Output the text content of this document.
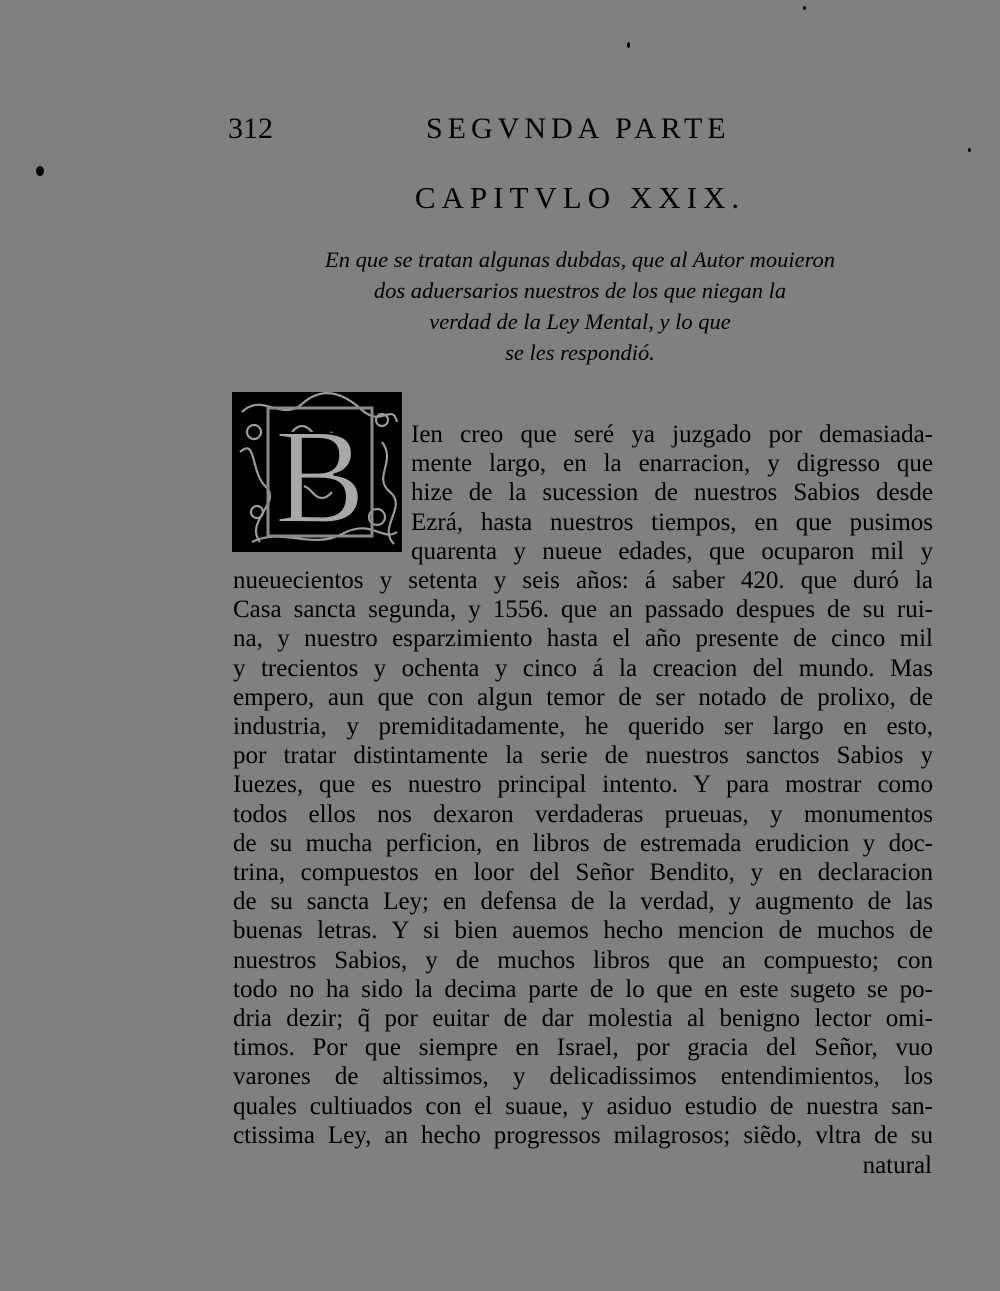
312	SEGVNDA PARTE
CAPITVLO XXIX.
En que se tratan algunas dubdas, que al Autor mouieron
dos aduersarios nuestros de los que niegan la
verdad de la Ley Mental, y lo que
se les respondió.
B Ien creo que seré ya juzgado por demasiada-
mente largo, en la enarracion, y digresso que
hize de la sucession de nuestros Sabios desde
Ezrá, hasta nuestros tiempos, en que pusimos
quarenta y nueue edades, que ocuparon mil y
nueuecientos y setenta y seis años: á saber 420. que duró la
Casa sancta segunda, y 1556. que an passado despues de su rui-
na, y nuestro esparzimiento hasta el año presente de cinco mil
y trecientos y ochenta y cinco á la creacion del mundo. Mas
empero, aun que con algun temor de ser notado de prolixo, de
industria, y premiditadamente, he querido ser largo en esto,
por tratar distintamente la serie de nuestros sanctos Sabios y
Iuezes, que es nuestro principal intento. Y para mostrar como
todos ellos nos dexaron verdaderas prueuas, y monumentos
de su mucha perficion, en libros de estremada erudicion y doc-
trina, compuestos en loor del Señor Bendito, y en declaracion
de su sancta Ley; en defensa de la verdad, y augmento de las
buenas letras. Y si bien auemos hecho mencion de muchos de
nuestros Sabios, y de muchos libros que an compuesto; con
todo no ha sido la decima parte de lo que en este sugeto se po-
dria dezir; q̃ por euitar de dar molestia al benigno lector omi-
timos. Por que siempre en Israel, por gracia del Señor, vuo
varones de altissimos, y delicadissimos entendimientos, los
quales cultiuados con el suaue, y asiduo estudio de nuestra san-
ctissima Ley, an hecho progressos milagrosos; siẽdo, vltra de su
natural
